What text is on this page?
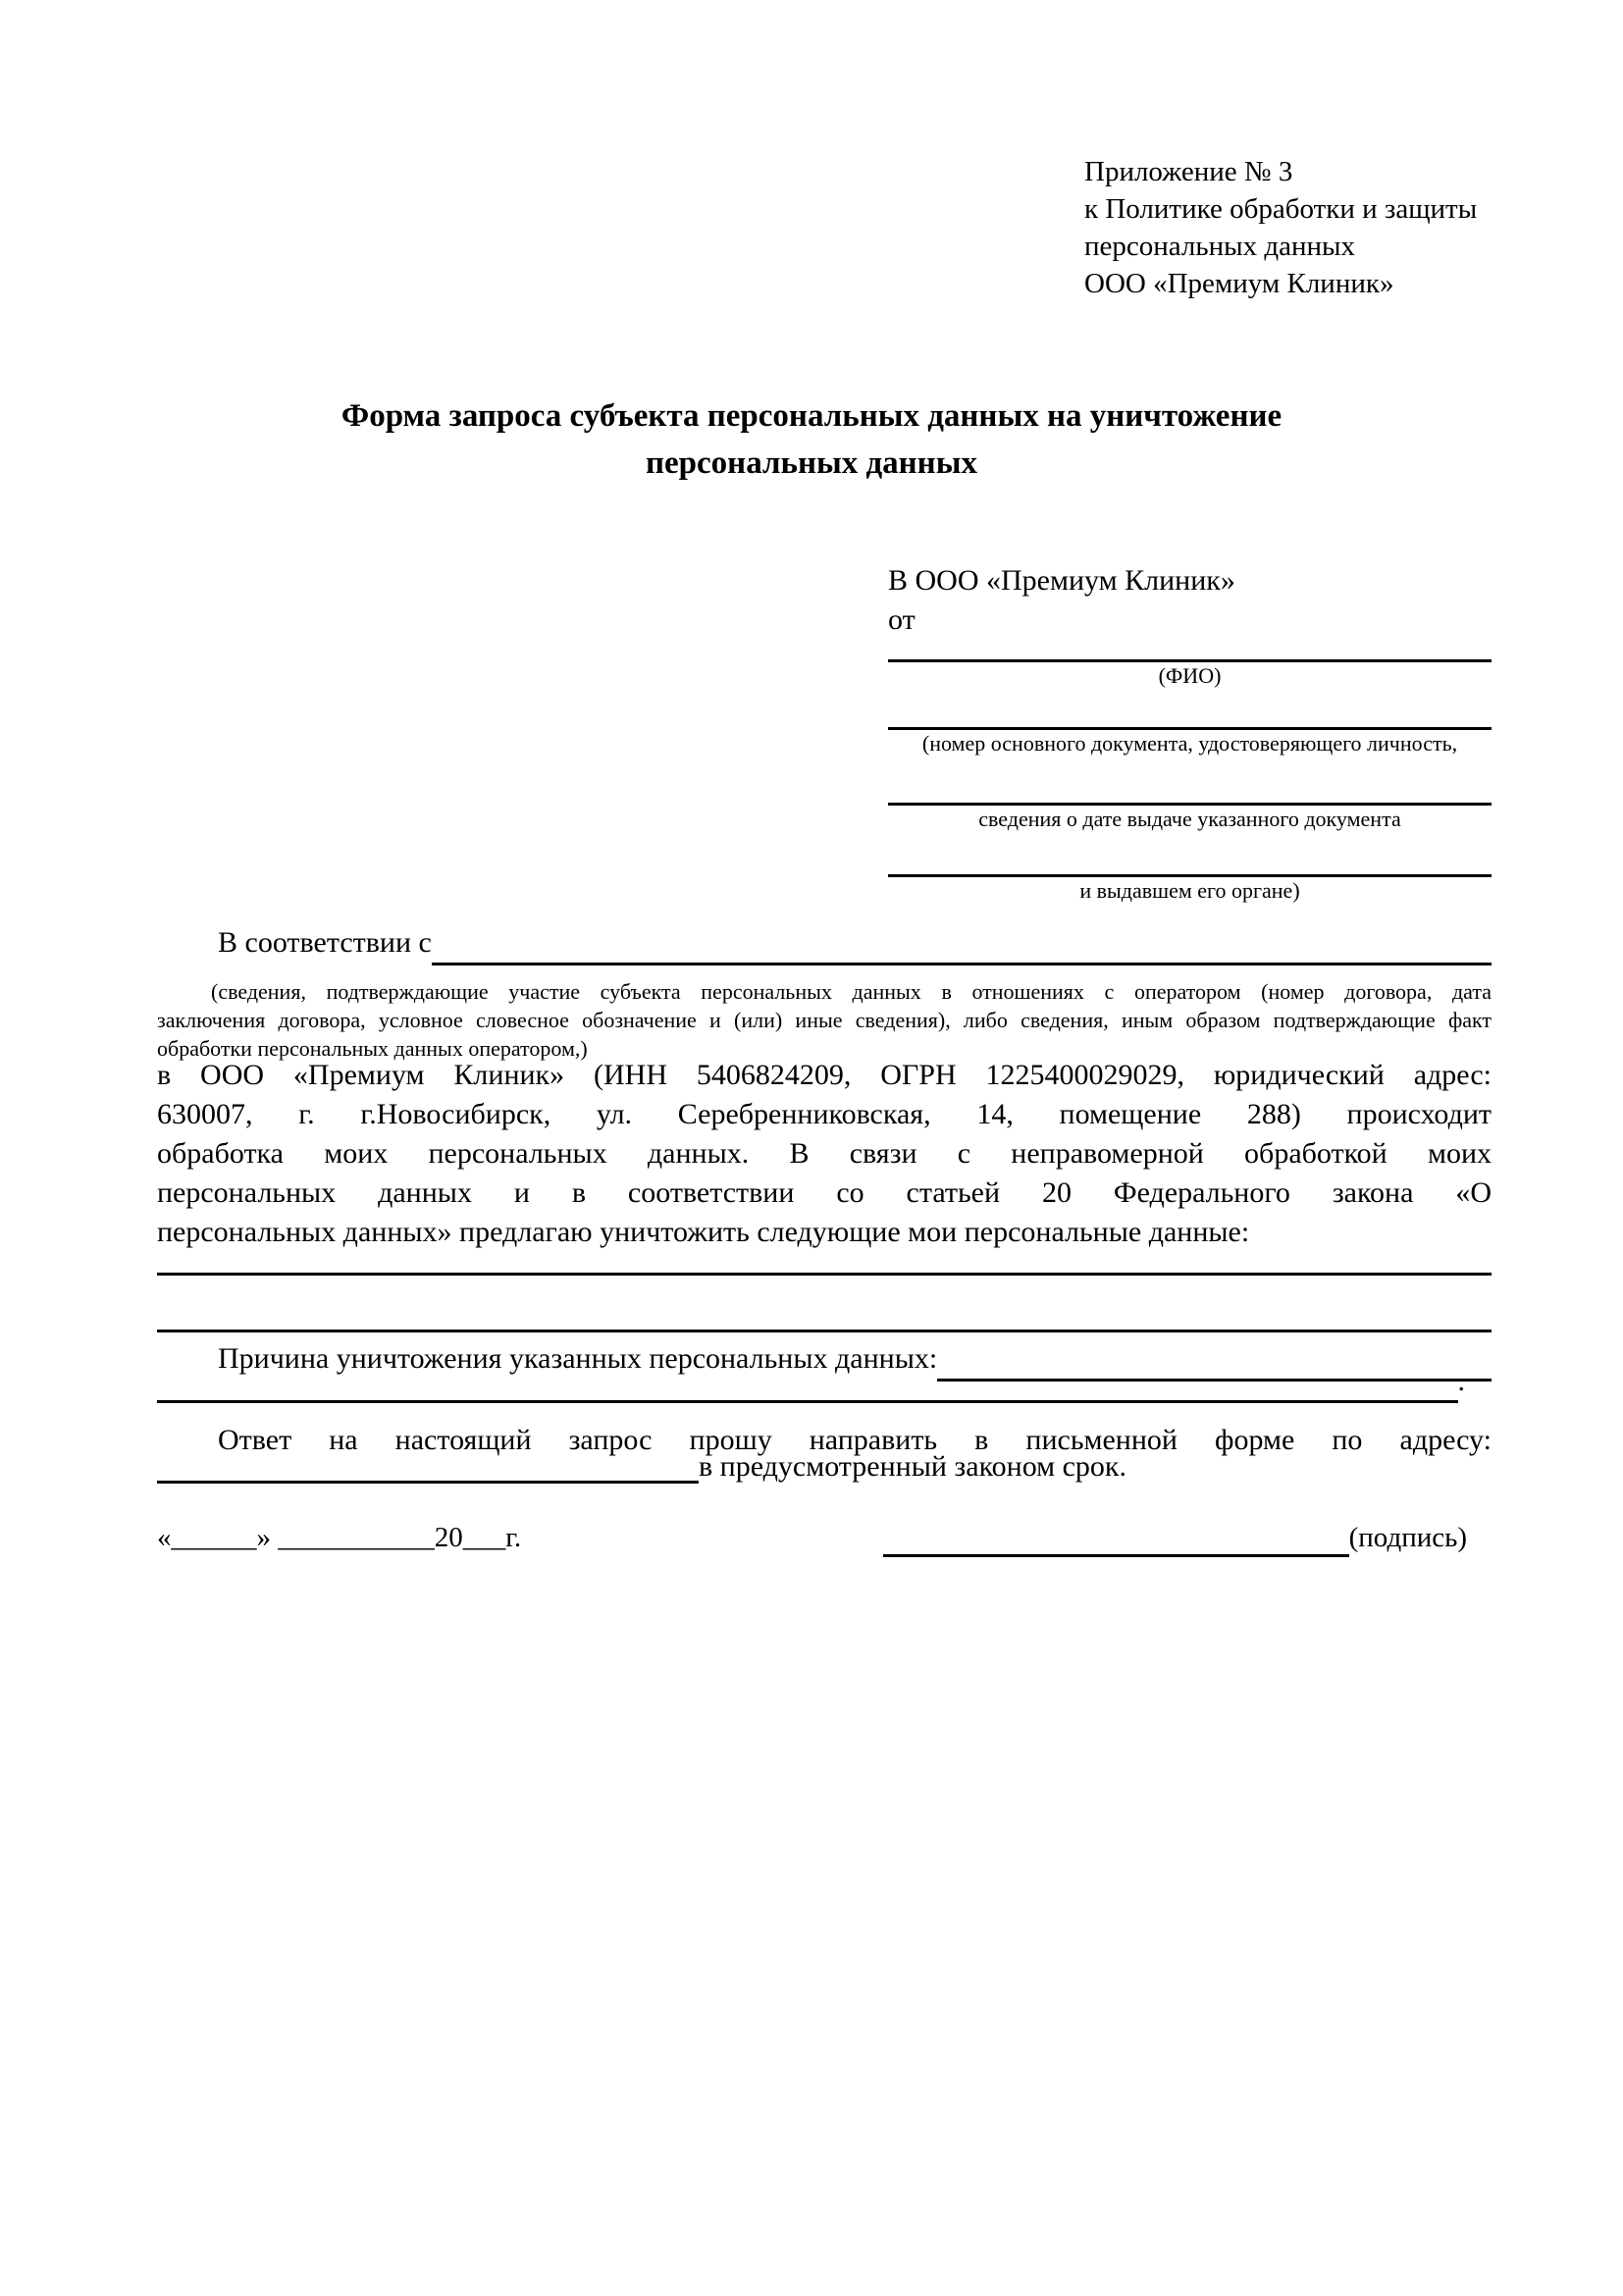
Приложение № 3
к Политике обработки и защиты
персональных данных
ООО «Премиум Клиник»
Форма запроса субъекта персональных данных на уничтожение
персональных данных
В ООО «Премиум Клиник»
от
(ФИО)
(номер основного документа, удостоверяющего личность,
сведения о дате выдаче указанного документа
и выдавшем его органе)
В соответствии с
(сведения, подтверждающие участие субъекта персональных данных в отношениях с оператором (номер договора, дата
заключения договора, условное словесное обозначение и (или) иные сведения), либо сведения, иным образом подтверждающие факт
обработки персональных данных оператором,)
в ООО «Премиум Клиник» (ИНН 5406824209, ОГРН 1225400029029, юридический адрес:
630007, г. г.Новосибирск, ул. Серебренниковская, 14, помещение 288) происходит
обработка моих персональных данных. В связи с неправомерной обработкой моих
персональных данных и в соответствии со статьей 20 Федерального закона «О
персональных данных» предлагаю уничтожить следующие мои персональные данные:
Причина уничтожения указанных персональных данных:
.
Ответ на настоящий запрос прошу направить в письменной форме по адресу:
в предусмотренный законом срок.
«______» ___________20___г.	(подпись)
